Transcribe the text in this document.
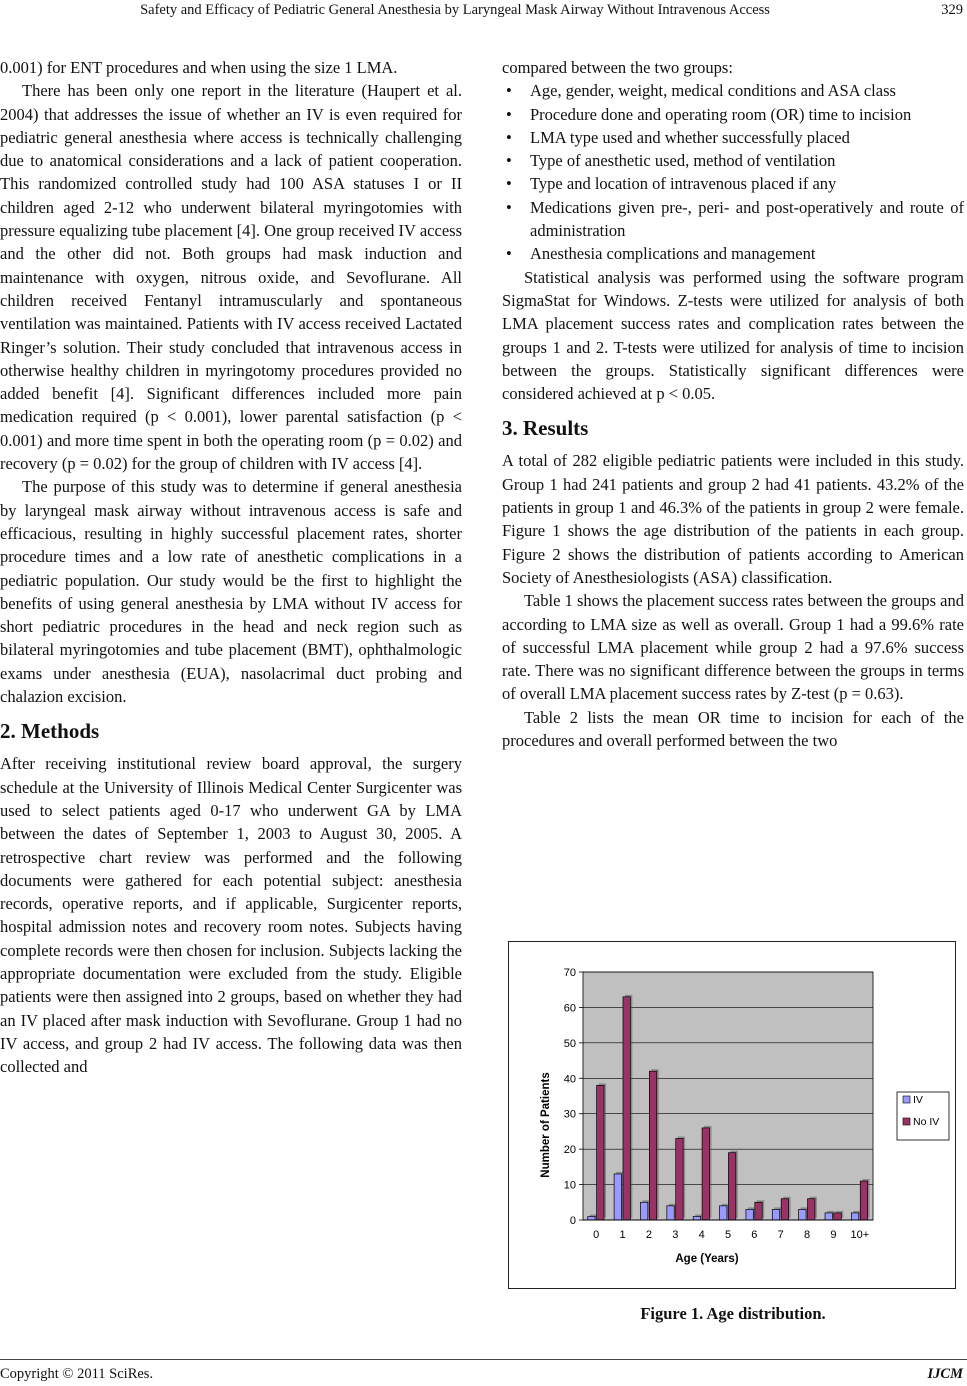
Safety and Efficacy of Pediatric General Anesthesia by Laryngeal Mask Airway Without Intravenous Access	329

0.001) for ENT procedures and when using the size 1 LMA.

There has been only one report in the literature (Haupert et al. 2004) that addresses the issue of whether an IV is even required for pediatric general anesthesia where access is technically challenging due to anatomical considerations and a lack of patient cooperation. This randomized controlled study had 100 ASA statuses I or II children aged 2-12 who underwent bilateral myringotomies with pressure equalizing tube placement [4]. One group received IV access and the other did not. Both groups had mask induction and maintenance with oxygen, nitrous oxide, and Sevoflurane. All children received Fentanyl intramuscularly and spontaneous ventilation was maintained. Patients with IV access received Lactated Ringer’s solution. Their study concluded that intravenous access in otherwise healthy children in myringotomy procedures provided no added benefit [4]. Significant differences included more pain medication required (p < 0.001), lower parental satisfaction (p < 0.001) and more time spent in both the operating room (p = 0.02) and recovery (p = 0.02) for the group of children with IV access [4].

The purpose of this study was to determine if general anesthesia by laryngeal mask airway without intravenous access is safe and efficacious, resulting in highly successful placement rates, shorter procedure times and a low rate of anesthetic complications in a pediatric population. Our study would be the first to highlight the benefits of using general anesthesia by LMA without IV access for short pediatric procedures in the head and neck region such as bilateral myringotomies and tube placement (BMT), ophthalmologic exams under anesthesia (EUA), nasolacrimal duct probing and chalazion excision.

2. Methods

After receiving institutional review board approval, the surgery schedule at the University of Illinois Medical Center Surgicenter was used to select patients aged 0-17 who underwent GA by LMA between the dates of September 1, 2003 to August 30, 2005. A retrospective chart review was performed and the following documents were gathered for each potential subject: anesthesia records, operative reports, and if applicable, Surgicenter reports, hospital admission notes and recovery room notes. Subjects having complete records were then chosen for inclusion. Subjects lacking the appropriate documentation were excluded from the study. Eligible patients were then assigned into 2 groups, based on whether they had an IV placed after mask induction with Sevoflurane. Group 1 had no IV access, and group 2 had IV access. The following data was then collected and

compared between the two groups:

• Age, gender, weight, medical conditions and ASA class
• Procedure done and operating room (OR) time to incision
• LMA type used and whether successfully placed
• Type of anesthetic used, method of ventilation
• Type and location of intravenous placed if any
• Medications given pre-, peri- and post-operatively and route of administration
• Anesthesia complications and management

Statistical analysis was performed using the software program SigmaStat for Windows. Z-tests were utilized for analysis of both LMA placement success rates and complication rates between the groups 1 and 2. T-tests were utilized for analysis of time to incision between the groups. Statistically significant differences were considered achieved at p < 0.05.

3. Results

A total of 282 eligible pediatric patients were included in this study. Group 1 had 241 patients and group 2 had 41 patients. 43.2% of the patients in group 1 and 46.3% of the patients in group 2 were female. Figure 1 shows the age distribution of the patients in each group. Figure 2 shows the distribution of patients according to American Society of Anesthesiologists (ASA) classification.

Table 1 shows the placement success rates between the groups and according to LMA size as well as overall. Group 1 had a 99.6% rate of successful LMA placement while group 2 had a 97.6% success rate. There was no significant difference between the groups in terms of overall LMA placement success rates by Z-test (p = 0.63).

Table 2 lists the mean OR time to incision for each of the procedures and overall performed between the two

Number of Patients
Age (Years)
0
10
20
30
40
50
60
70
0 1 2 3 4 5 6 7 8 9 10+
IV
No IV
Figure 1. Age distribution.
Copyright © 2011 SciRes.	IJCM
